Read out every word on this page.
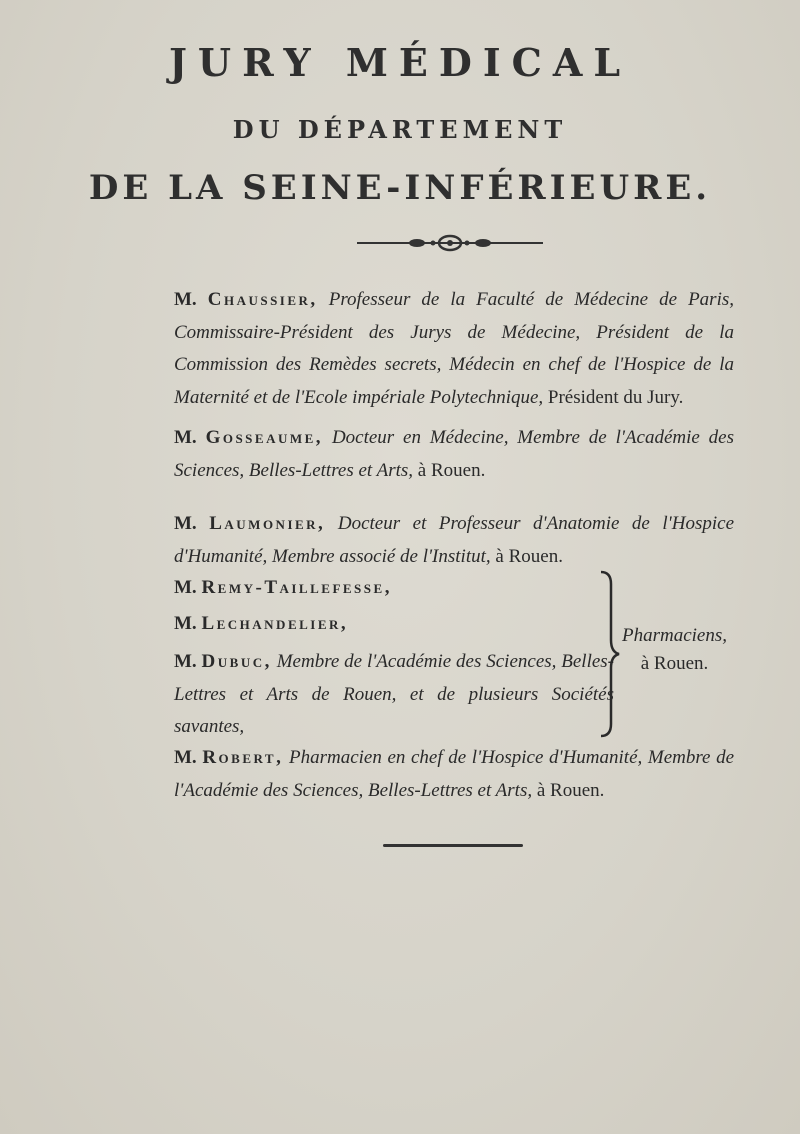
JURY MÉDICAL
DU DÉPARTEMENT
DE LA SEINE-INFÉRIEURE.
M. Chaussier, Professeur de la Faculté de Médecine de Paris, Commissaire-Président des Jurys de Médecine, Président de la Commission des Remèdes secrets, Médecin en chef de l'Hospice de la Maternité et de l'Ecole impériale Polytechnique, Président du Jury.
M. Gosseaume, Docteur en Médecine, Membre de l'Académie des Sciences, Belles-Lettres et Arts, à Rouen.
M. Laumonier, Docteur et Professeur d'Anatomie de l'Hospice d'Humanité, Membre associé de l'Institut, à Rouen.
M. Remy-Taillefesse,
M. Lechandelier,
M. Dubuc, Membre de l'Académie des Sciences, Belles-Lettres et Arts de Rouen, et de plusieurs Sociétés savantes,
Pharmaciens,
à Rouen.
M. Robert, Pharmacien en chef de l'Hospice d'Humanité, Membre de l'Académie des Sciences, Belles-Lettres et Arts, à Rouen.
